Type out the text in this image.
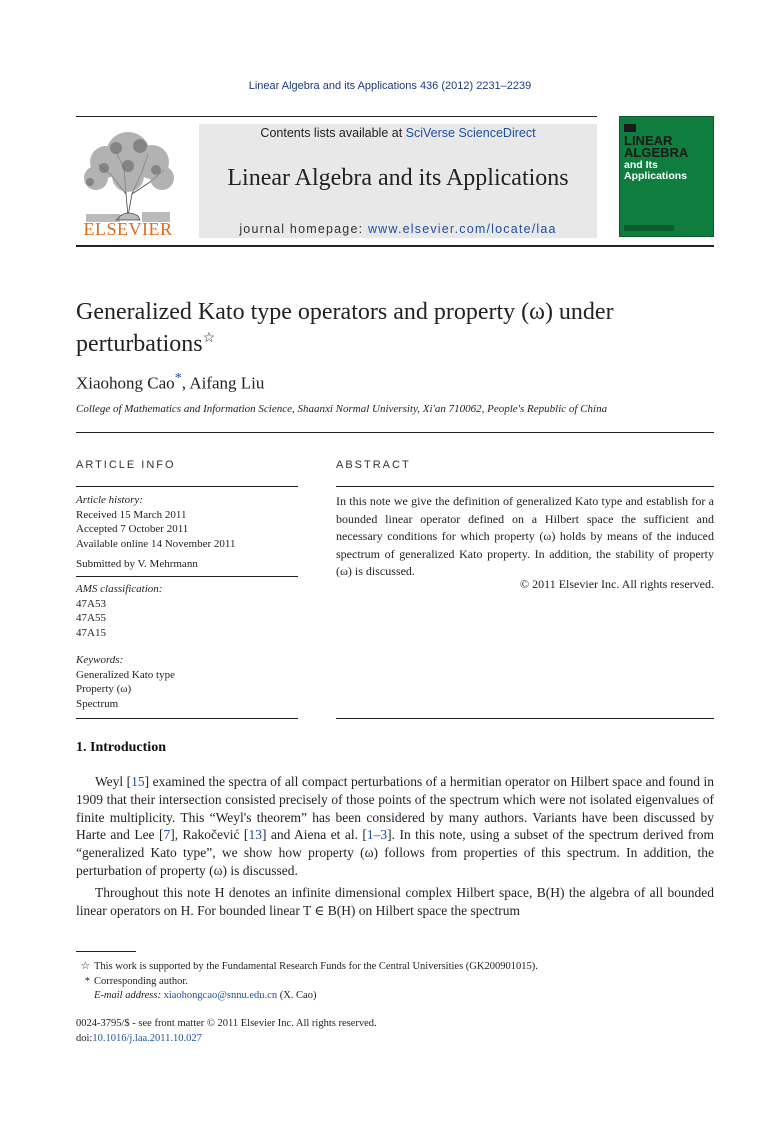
Linear Algebra and its Applications 436 (2012) 2231–2239
ELSEVIER
Contents lists available at SciVerse ScienceDirect
Linear Algebra and its Applications
journal homepage: www.elsevier.com/locate/laa
LINEAR ALGEBRA
and Its Applications
Generalized Kato type operators and property (ω) under perturbations☆
Xiaohong Cao*, Aifang Liu
College of Mathematics and Information Science, Shaanxi Normal University, Xi'an 710062, People's Republic of China
ARTICLE INFO
Article history:
Received 15 March 2011
Accepted 7 October 2011
Available online 14 November 2011
Submitted by V. Mehrmann
AMS classification:
47A53
47A55
47A15
Keywords:
Generalized Kato type
Property (ω)
Spectrum
ABSTRACT
In this note we give the definition of generalized Kato type and establish for a bounded linear operator defined on a Hilbert space the sufficient and necessary conditions for which property (ω) holds by means of the induced spectrum of generalized Kato property. In addition, the stability of property (ω) is discussed.
© 2011 Elsevier Inc. All rights reserved.
1. Introduction

Weyl [15] examined the spectra of all compact perturbations of a hermitian operator on Hilbert space and found in 1909 that their intersection consisted precisely of those points of the spectrum which were not isolated eigenvalues of finite multiplicity. This “Weyl's theorem” has been considered by many authors. Variants have been discussed by Harte and Lee [7], Rakočević [13] and Aiena et al. [1–3]. In this note, using a subset of the spectrum derived from “generalized Kato type”, we show how property (ω) follows from properties of this spectrum. In addition, the perturbation of property (ω) is discussed.

Throughout this note H denotes an infinite dimensional complex Hilbert space, B(H) the algebra of all bounded linear operators on H. For bounded linear T ∈ B(H) on Hilbert space the spectrum

☆ This work is supported by the Fundamental Research Funds for the Central Universities (GK200901015).
* Corresponding author.
E-mail address: xiaohongcao@snnu.edu.cn (X. Cao)
0024-3795/$ - see front matter © 2011 Elsevier Inc. All rights reserved.
doi:10.1016/j.laa.2011.10.027
